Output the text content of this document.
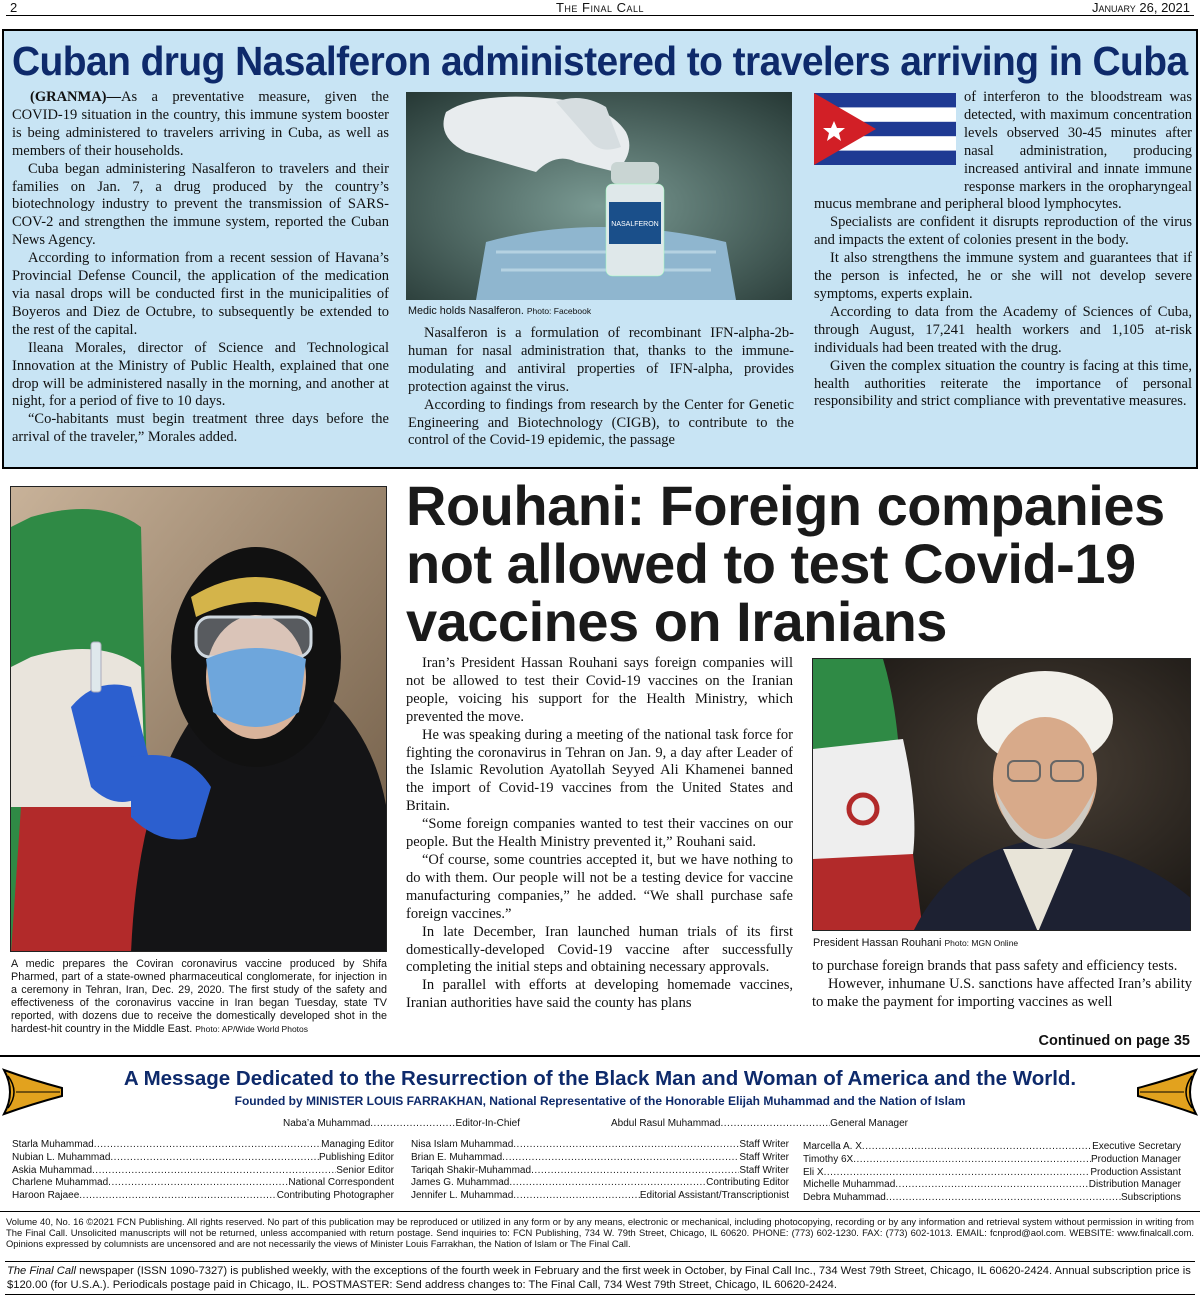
2	The Final Call	January 26, 2021
Cuban drug Nasalferon administered to travelers arriving in Cuba

(GRANMA)—As a preventative measure, given the COVID-19 situation in the country, this immune system booster is being administered to travelers arriving in Cuba, as well as members of their households.

Cuba began administering Nasalferon to travelers and their families on Jan. 7, a drug produced by the country’s biotechnology industry to prevent the transmission of SARS-COV-2 and strengthen the immune system, reported the Cuban News Agency.

According to information from a recent session of Havana’s Provincial Defense Council, the application of the medication via nasal drops will be conducted first in the municipalities of Boyeros and Diez de Octubre, to subsequently be extended to the rest of the capital.

Ileana Morales, director of Science and Technological Innovation at the Ministry of Public Health, explained that one drop will be administered nasally in the morning, and another at night, for a period of five to 10 days.

“Co-habitants must begin treatment three days before the arrival of the traveler,” Morales added.

NASALFERON
Medic holds Nasalferon. Photo: Facebook

Nasalferon is a formulation of recombinant IFN-alpha-2b-human for nasal administration that, thanks to the immune-modulating and antiviral properties of IFN-alpha, provides protection against the virus.

According to findings from research by the Center for Genetic Engineering and Biotechnology (CIGB), to contribute to the control of the Covid-19 epidemic, the passage

of interferon to the bloodstream was detected, with maximum concentration levels observed 30-45 minutes after nasal administration, producing increased antiviral and innate immune response markers in the oropharyngeal mucus membrane and peripheral blood lymphocytes.

Specialists are confident it disrupts reproduction of the virus and impacts the extent of colonies present in the body.

It also strengthens the immune system and guarantees that if the person is infected, he or she will not develop severe symptoms, experts explain.

According to data from the Academy of Sciences of Cuba, through August, 17,241 health workers and 1,105 at-risk individuals had been treated with the drug.

Given the complex situation the country is facing at this time, health authorities reiterate the importance of personal responsibility and strict compliance with preventative measures.

A medic prepares the Coviran coronavirus vaccine produced by Shifa Pharmed, part of a state-owned pharmaceutical conglomerate, for injection in a ceremony in Tehran, Iran, Dec. 29, 2020. The first study of the safety and effectiveness of the coronavirus vaccine in Iran began Tuesday, state TV reported, with dozens due to receive the domestically developed shot in the hardest-hit country in the Middle East. Photo: AP/Wide World Photos
Rouhani: Foreign companies not allowed to test Covid-19 vaccines on Iranians

Iran’s President Hassan Rouhani says foreign companies will not be allowed to test their Covid-19 vaccines on the Iranian people, voicing his support for the Health Ministry, which prevented the move.

He was speaking during a meeting of the national task force for fighting the coronavirus in Tehran on Jan. 9, a day after Leader of the Islamic Revolution Ayatollah Seyyed Ali Khamenei banned the import of Covid-19 vaccines from the United States and Britain.

“Some foreign companies wanted to test their vaccines on our people. But the Health Ministry prevented it,” Rouhani said.

“Of course, some countries accepted it, but we have nothing to do with them. Our people will not be a testing device for vaccine manufacturing companies,” he added. “We shall purchase safe foreign vaccines.”

In late December, Iran launched human trials of its first domestically-developed Covid-19 vaccine after successfully completing the initial steps and obtaining necessary approvals.

In parallel with efforts at developing homemade vaccines, Iranian authorities have said the county has plans

President Hassan Rouhani Photo: MGN Online

to purchase foreign brands that pass safety and efficiency tests.

However, inhumane U.S. sanctions have affected Iran’s ability to make the payment for importing vaccines as well

Continued on page 35
A Message Dedicated to the Resurrection of the Black Man and Woman of America and the World.
Founded by MINISTER LOUIS FARRAKHAN, National Representative of the Honorable Elijah Muhammad and the Nation of Islam
Naba’a Muhammad .....	Editor-In-Chief	Abdul Rasul Muhammad .....	General Manager
Starla Muhammad .....	Managing Editor
Nubian L. Muhammad .....	Publishing Editor
Askia Muhammad .....	Senior Editor
Charlene Muhammad .....	National Correspondent
Haroon Rajaee .....	Contributing Photographer
Nisa Islam Muhammad .....	Staff Writer
Brian E. Muhammad .....	Staff Writer
Tariqah Shakir-Muhammad .....	Staff Writer
James G. Muhammad .....	Contributing Editor
Jennifer L. Muhammad .....	Editorial Assistant/Transcriptionist
Marcella A. X .....	Executive Secretary
Timothy 6X .....	Production Manager
Eli X .....	Production Assistant
Michelle Muhammad .....	Distribution Manager
Debra Muhammad .....	Subscriptions
Volume 40, No. 16 ©2021 FCN Publishing. All rights reserved. No part of this publication may be reproduced or utilized in any form or by any means, electronic or mechanical, including photocopying, recording or by any information and retrieval system without permission in writing from The Final Call. Unsolicited manuscripts will not be returned, unless accompanied with return postage. Send inquiries to: FCN Publishing, 734 W. 79th Street, Chicago, IL 60620. PHONE: (773) 602-1230. FAX: (773) 602-1013. EMAIL: fcnprod@aol.com. WEBSITE: www.finalcall.com. Opinions expressed by columnists are uncensored and are not necessarily the views of Minister Louis Farrakhan, the Nation of Islam or The Final Call.
The Final Call newspaper (ISSN 1090-7327) is published weekly, with the exceptions of the fourth week in February and the first week in October, by Final Call Inc., 734 West 79th Street, Chicago, IL 60620-2424. Annual subscription price is $120.00 (for U.S.A.). Periodicals postage paid in Chicago, IL. POSTMASTER: Send address changes to: The Final Call, 734 West 79th Street, Chicago, IL 60620-2424.
